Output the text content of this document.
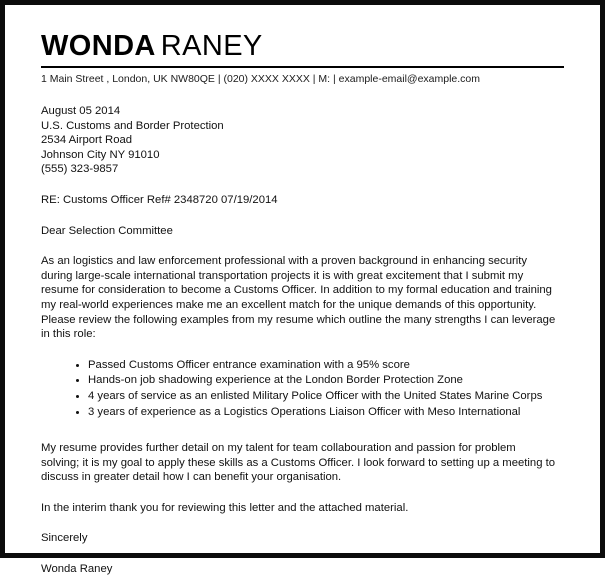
WONDA RANEY
1 Main Street , London, UK NW80QE | (020) XXXX XXXX | M: | example-email@example.com
August 05 2014
U.S. Customs and Border Protection
2534 Airport Road
Johnson City NY 91010
(555) 323-9857
RE: Customs Officer Ref# 2348720 07/19/2014
Dear Selection Committee

As an logistics and law enforcement professional with a proven background in enhancing security during large-scale international transportation projects it is with great excitement that I submit my resume for consideration to become a Customs Officer. In addition to my formal education and training my real-world experiences make me an excellent match for the unique demands of this opportunity. Please review the following examples from my resume which outline the many strengths I can leverage in this role:

Passed Customs Officer entrance examination with a 95% score
Hands-on job shadowing experience at the London Border Protection Zone
4 years of service as an enlisted Military Police Officer with the United States Marine Corps
3 years of experience as a Logistics Operations Liaison Officer with Meso International

My resume provides further detail on my talent for team collabouration and passion for problem solving; it is my goal to apply these skills as a Customs Officer. I look forward to setting up a meeting to discuss in greater detail how I can benefit your organisation.

In the interim thank you for reviewing this letter and the attached material.

Sincerely
Wonda Raney
